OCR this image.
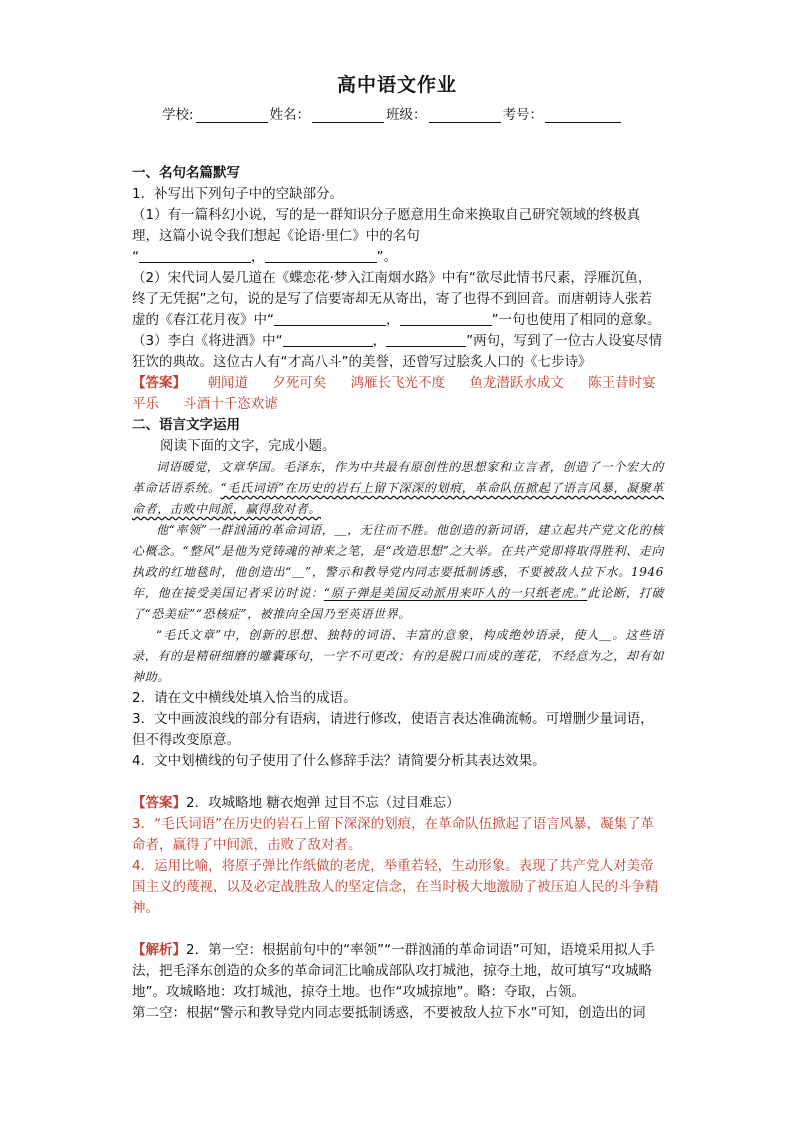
高中语文作业
学校:	姓名：	班级：	考号：

一、名句名篇默写

1．补写出下列句子中的空缺部分。

（1）有一篇科幻小说，写的是一群知识分子愿意用生命来换取自己研究领域的终极真理，这篇小说令我们想起《论语·里仁》中的名句

“	，	”。

（2）宋代词人晏几道在《蝶恋花·梦入江南烟水路》中有“欲尽此情书尺素，浮雁沉鱼，终了无凭据”之句，说的是写了信要寄却无从寄出，寄了也得不到回音。而唐朝诗人张若虚的《春江花月夜》中“	，	”一句也使用了相同的意象。

（3）李白《将进酒》中“	，	”两句，写到了一位古人设宴尽情狂饮的典故。这位古人有“才高八斗”的美誉，还曾写过脍炙人口的《七步诗》

【答案】 朝闻道 夕死可矣 鸿雁长飞光不度 鱼龙潜跃水成文 陈王昔时宴平乐 斗酒十千恣欢谑

二、语言文字运用

阅读下面的文字，完成小题。

词语暖觉，文章华国。毛泽东，作为中共最有原创性的思想家和立言者，创造了一个宏大的革命话语系统。“毛氏词语”在历史的岩石上留下深深的划痕，革命队伍掀起了语言风暴，凝聚革命者，击败中间派，赢得敌对者。

他“率领”一群汹涌的革命词语，＿，无往而不胜。他创造的新词语，建立起共产党文化的核心概念。“整风”是他为党铸魂的神来之笔，是“改造思想”之大举。在共产党即将取得胜利、走向执政的红地毯时，他创造出“＿”，警示和教导党内同志要抵制诱惑，不要被敌人拉下水。1946年，他在接受美国记者采访时说：“原子弹是美国反动派用来吓人的一只纸老虎。”此论断，打破了“恐美症”“恐核症”，被推向全国乃至英语世界。

“毛氏文章”中，创新的思想、独特的词语、丰富的意象，构成绝妙语录，使人＿。这些语录，有的是精研细磨的雕囊琢句，一字不可更改；有的是脱口而成的莲花，不经意为之，却有如神助。

2．请在文中横线处填入恰当的成语。

3．文中画波浪线的部分有语病，请进行修改，使语言表达准确流畅。可增删少量词语，但不得改变原意。

4．文中划横线的句子使用了什么修辞手法？请简要分析其表达效果。

【答案】2．攻城略地 糖衣炮弹 过目不忘（过目难忘）

3．“毛氏词语”在历史的岩石上留下深深的划痕，在革命队伍掀起了语言风暴，凝集了革命者，赢得了中间派，击败了敌对者。

4．运用比喻，将原子弹比作纸做的老虎，举重若轻，生动形象。表现了共产党人对美帝国主义的蔑视，以及必定战胜敌人的坚定信念，在当时极大地激励了被压迫人民的斗争精神。

【解析】2．第一空：根据前句中的“率领”“一群汹涌的革命词语”可知，语境采用拟人手法，把毛泽东创造的众多的革命词汇比喻成部队攻打城池，掠夺土地，故可填写“攻城略地”。攻城略地：攻打城池，掠夺土地。也作“攻城掠地”。略：夺取，占领。

第二空：根据“警示和教导党内同志要抵制诱惑，不要被敌人拉下水”可知，创造出的词
